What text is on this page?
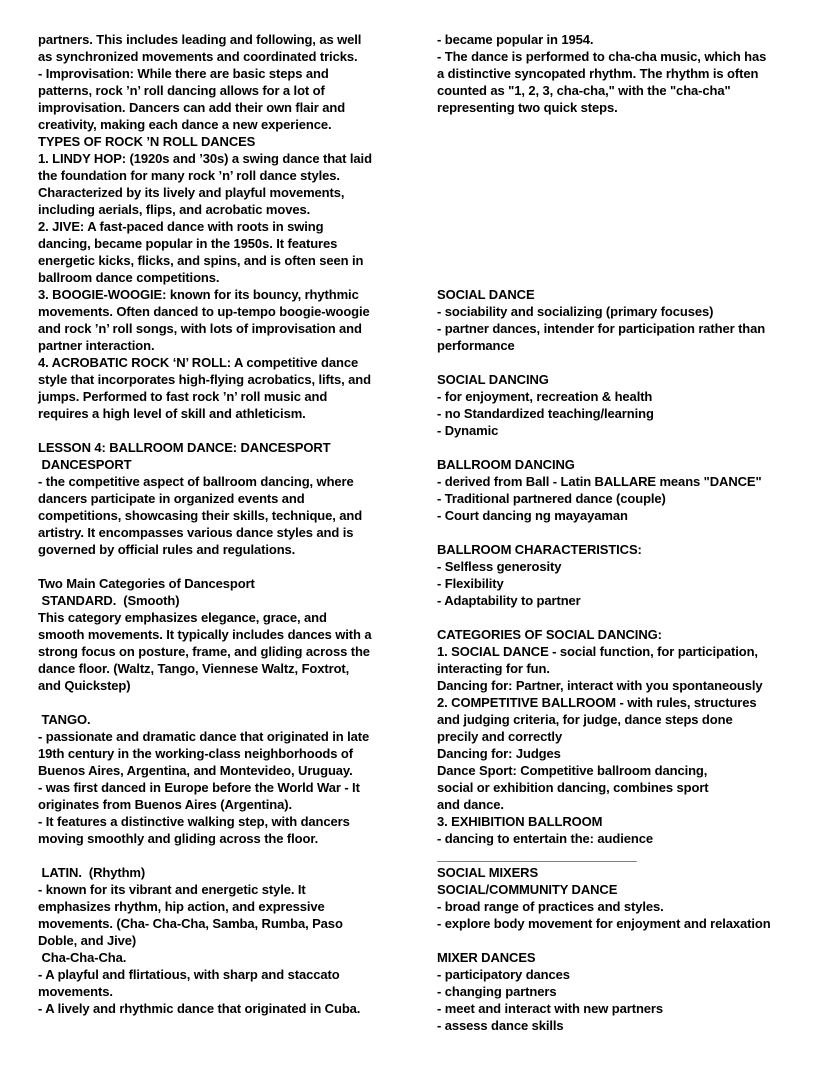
partners. This includes leading and following, as well
as synchronized movements and coordinated tricks.
- Improvisation: While there are basic steps and
patterns, rock ’n’ roll dancing allows for a lot of
improvisation. Dancers can add their own flair and
creativity, making each dance a new experience.
TYPES OF ROCK ’N ROLL DANCES
1. LINDY HOP: (1920s and ’30s) a swing dance that laid
the foundation for many rock ’n’ roll dance styles.
Characterized by its lively and playful movements,
including aerials, flips, and acrobatic moves.
2. JIVE: A fast-paced dance with roots in swing
dancing, became popular in the 1950s. It features
energetic kicks, flicks, and spins, and is often seen in
ballroom dance competitions.
3. BOOGIE-WOOGIE: known for its bouncy, rhythmic
movements. Often danced to up-tempo boogie-woogie
and rock ’n’ roll songs, with lots of improvisation and
partner interaction.
4. ACROBATIC ROCK ‘N’ ROLL: A competitive dance
style that incorporates high-flying acrobatics, lifts, and
jumps. Performed to fast rock ’n’ roll music and
requires a high level of skill and athleticism.

LESSON 4: BALLROOM DANCE: DANCESPORT
DANCESPORT
- the competitive aspect of ballroom dancing, where
dancers participate in organized events and
competitions, showcasing their skills, technique, and
artistry. It encompasses various dance styles and is
governed by official rules and regulations.

Two Main Categories of Dancesport
STANDARD.  (Smooth)
This category emphasizes elegance, grace, and
smooth movements. It typically includes dances with a
strong focus on posture, frame, and gliding across the
dance floor. (Waltz, Tango, Viennese Waltz, Foxtrot,
and Quickstep)

TANGO.
- passionate and dramatic dance that originated in late
19th century in the working-class neighborhoods of
Buenos Aires, Argentina, and Montevideo, Uruguay.
- was first danced in Europe before the World War - It
originates from Buenos Aires (Argentina).
- It features a distinctive walking step, with dancers
moving smoothly and gliding across the floor.

LATIN.  (Rhythm)
- known for its vibrant and energetic style. It
emphasizes rhythm, hip action, and expressive
movements. (Cha- Cha-Cha, Samba, Rumba, Paso
Doble, and Jive)
Cha-Cha-Cha.
- A playful and flirtatious, with sharp and staccato
movements.
- A lively and rhythmic dance that originated in Cuba.
- became popular in 1954.
- The dance is performed to cha-cha music, which has
a distinctive syncopated rhythm. The rhythm is often
counted as "1, 2, 3, cha-cha," with the "cha-cha"
representing two quick steps.

SOCIAL DANCE
- sociability and socializing (primary focuses)
- partner dances, intender for participation rather than
performance

SOCIAL DANCING
- for enjoyment, recreation & health
- no Standardized teaching/learning
- Dynamic

BALLROOM DANCING
- derived from Ball - Latin BALLARE means "DANCE"
- Traditional partnered dance (couple)
- Court dancing ng mayayaman

BALLROOM CHARACTERISTICS:
- Selfless generosity
- Flexibility
- Adaptability to partner

CATEGORIES OF SOCIAL DANCING:
1. SOCIAL DANCE - social function, for participation,
interacting for fun.
Dancing for: Partner, interact with you spontaneously
2. COMPETITIVE BALLROOM - with rules, structures
and judging criteria, for judge, dance steps done
precily and correctly
Dancing for: Judges
Dance Sport: Competitive ballroom dancing,
social or exhibition dancing, combines sport
and dance.
3. EXHIBITION BALLROOM
- dancing to entertain the: audience
____________________________
SOCIAL MIXERS
SOCIAL/COMMUNITY DANCE
- broad range of practices and styles.
- explore body movement for enjoyment and relaxation

MIXER DANCES
- participatory dances
- changing partners
- meet and interact with new partners
- assess dance skills
